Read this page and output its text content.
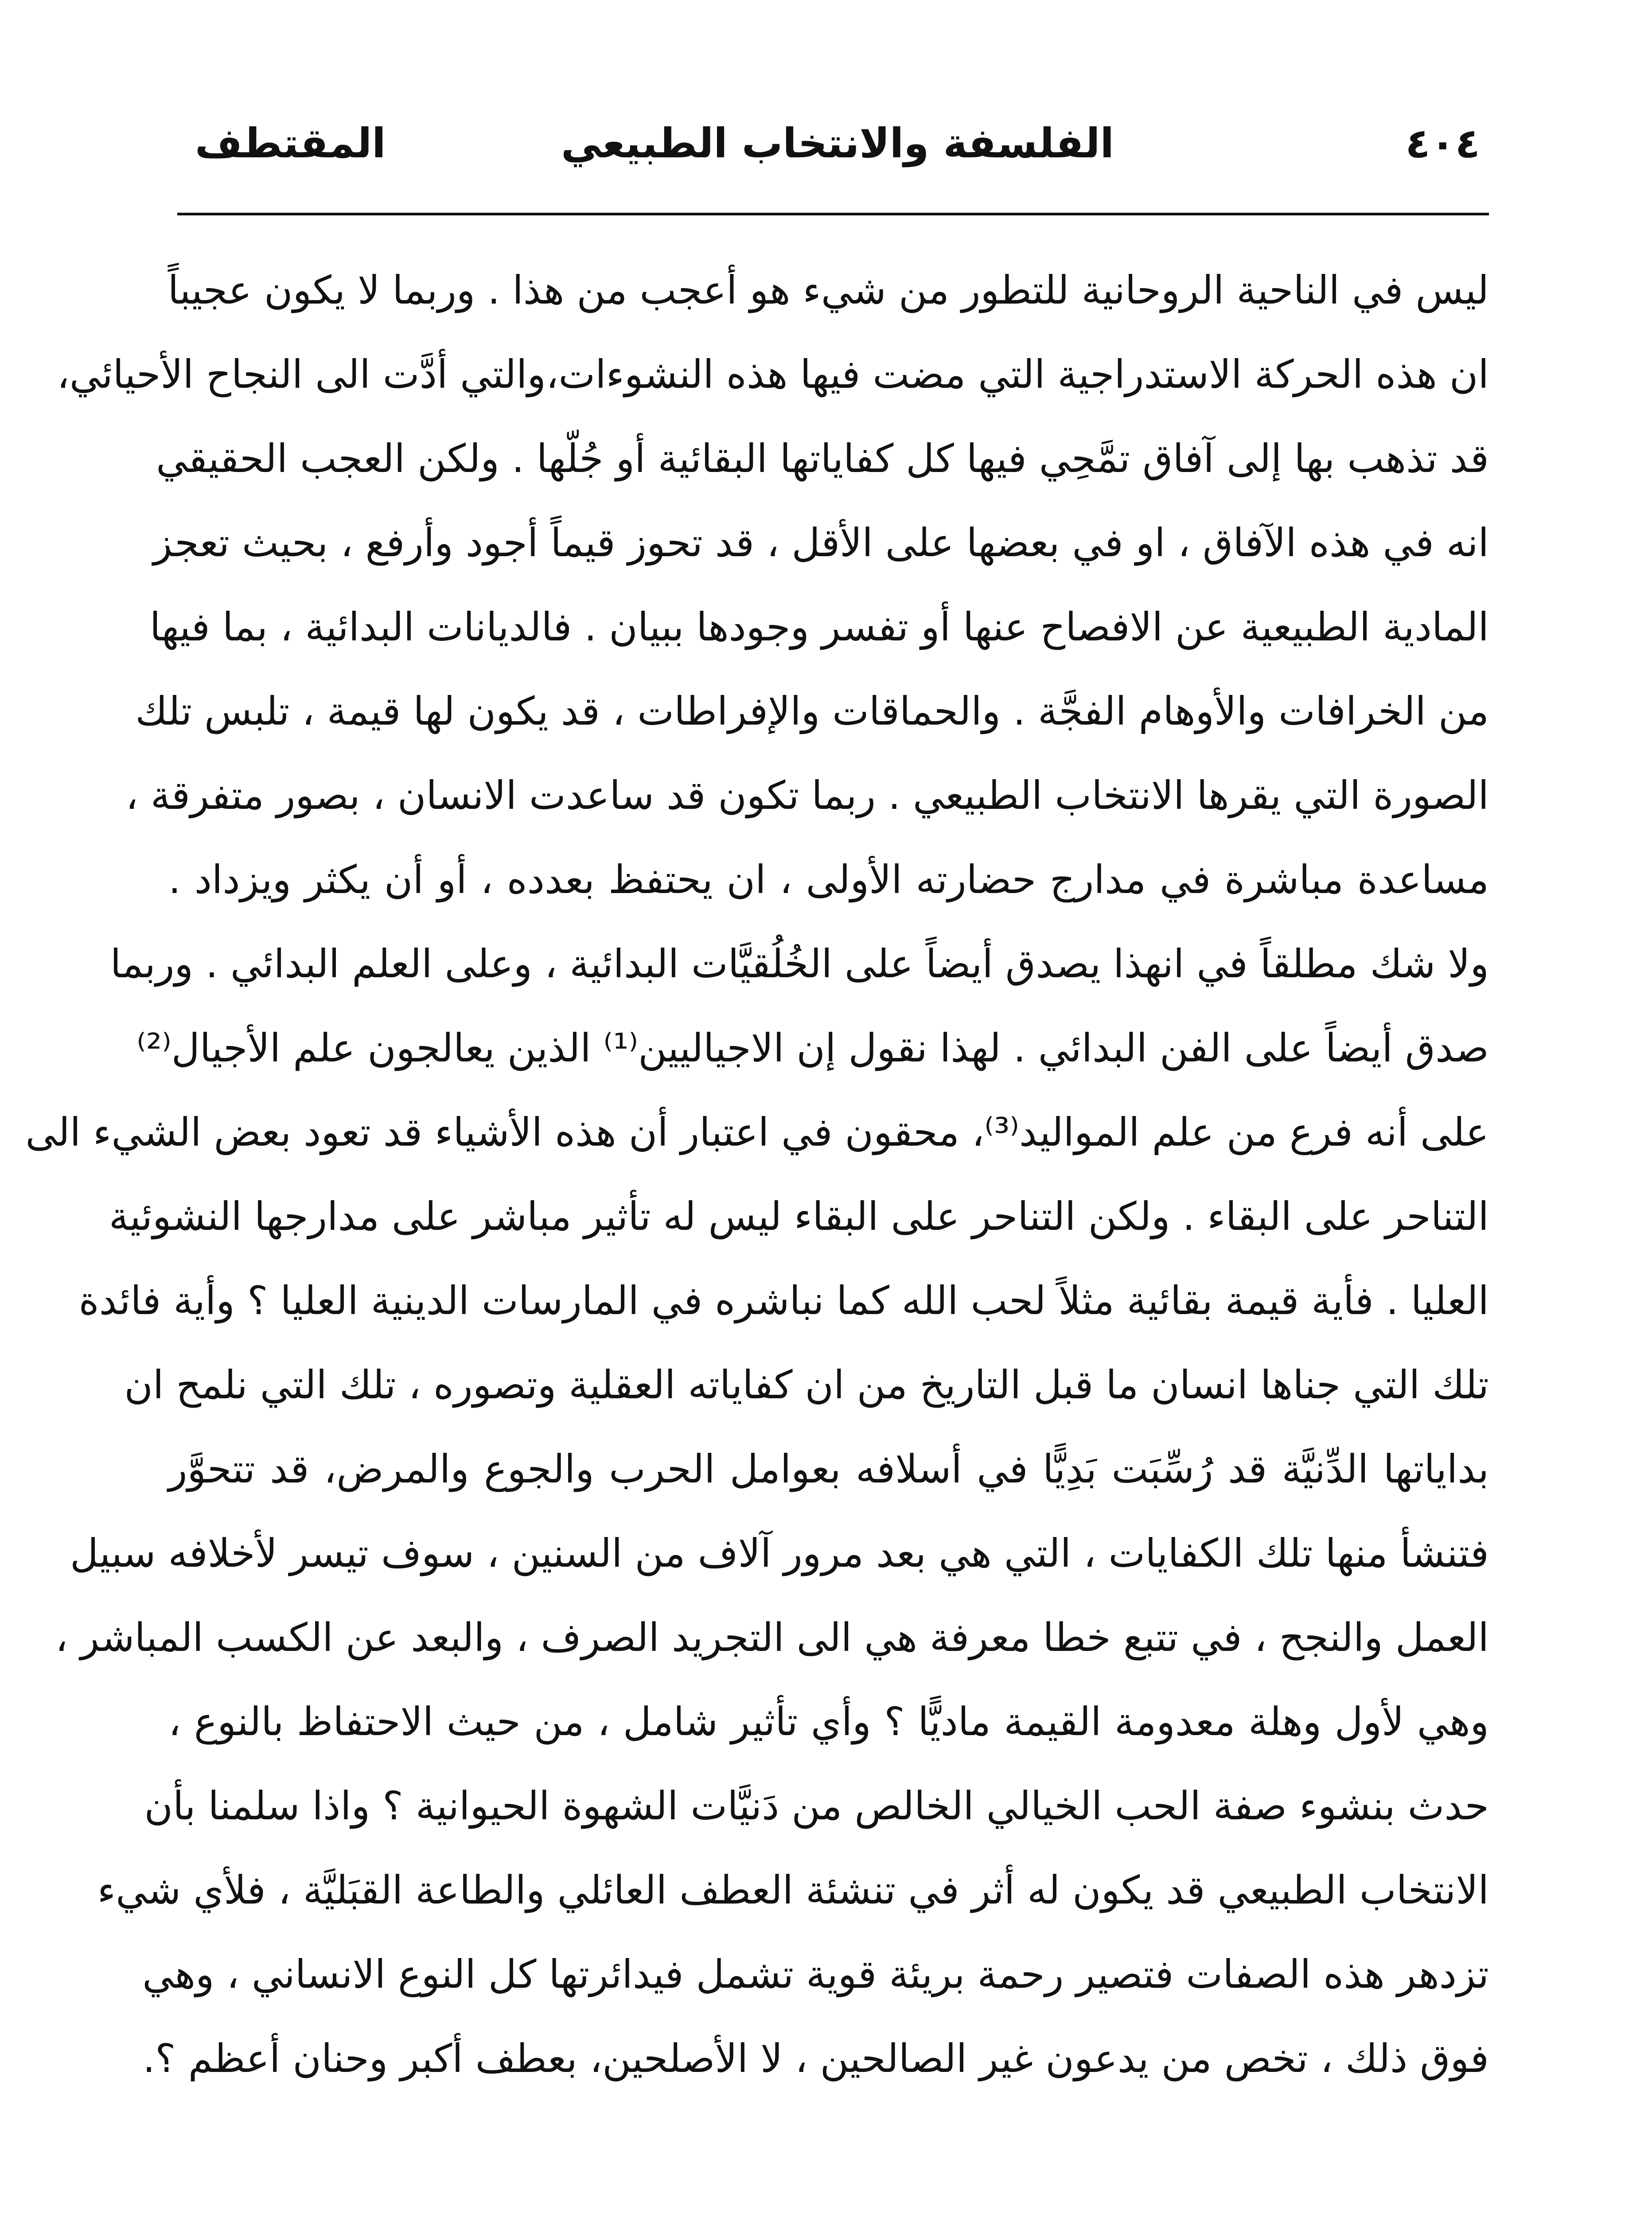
٤٠٤
الفلسفة والانتخاب الطبيعي
المقتطف
ليس في الناحية الروحانية للتطور من شيء هو أعجب من هذا . وربما لا يكون عجيباً
ان هذه الحركة الاستدراجية التي مضت فيها هذه النشوءات،والتي أدَّت الى النجاح الأحيائي،
قد تذهب بها إلى آفاق تمَّحِي فيها كل كفاياتها البقائية أو جُلّها . ولكن العجب الحقيقي
انه في هذه الآفاق ، او في بعضها على الأقل ، قد تحوز قيماً أجود وأرفع ، بحيث تعجز
المادية الطبيعية عن الافصاح عنها أو تفسر وجودها ببيان . فالديانات البدائية ، بما فيها
من الخرافات والأوهام الفجَّة . والحماقات والإفراطات ، قد يكون لها قيمة ، تلبس تلك
الصورة التي يقرها الانتخاب الطبيعي . ربما تكون قد ساعدت الانسان ، بصور متفرقة ،
مساعدة مباشرة في مدارج حضارته الأولى ، ان يحتفظ بعدده ، أو أن يكثر ويزداد .
ولا شك مطلقاً في انهذا يصدق أيضاً على الخُلُقيَّات البدائية ، وعلى العلم البدائي . وربما
صدق أيضاً على الفن البدائي . لهذا نقول إن الاجياليين⁽¹⁾ الذين يعالجون علم الأجيال⁽²⁾
على أنه فرع من علم المواليد⁽³⁾، محقون في اعتبار أن هذه الأشياء قد تعود بعض الشيء الى
التناحر على البقاء . ولكن التناحر على البقاء ليس له تأثير مباشر على مدارجها النشوئية
العليا . فأية قيمة بقائية مثلاً لحب الله كما نباشره في المارسات الدينية العليا ؟ وأية فائدة
تلك التي جناها انسان ما قبل التاريخ من ان كفاياته العقلية وتصوره ، تلك التي نلمح ان
بداياتها الدِّنيَّة قد رُسِّبَت بَدِيًّا في أسلافه بعوامل الحرب والجوع والمرض، قد تتحوَّر
فتنشأ منها تلك الكفايات ، التي هي بعد مرور آلاف من السنين ، سوف تيسر لأخلافه سبيل
العمل والنجح ، في تتبع خطا معرفة هي الى التجريد الصرف ، والبعد عن الكسب المباشر ،
وهي لأول وهلة معدومة القيمة ماديًّا ؟ وأي تأثير شامل ، من حيث الاحتفاظ بالنوع ،
حدث بنشوء صفة الحب الخيالي الخالص من دَنيَّات الشهوة الحيوانية ؟ واذا سلمنا بأن
الانتخاب الطبيعي قد يكون له أثر في تنشئة العطف العائلي والطاعة القبَليَّة ، فلأي شيء
تزدهر هذه الصفات فتصير رحمة بريئة قوية تشمل فيدائرتها كل النوع الانساني ، وهي
فوق ذلك ، تخص من يدعون غير الصالحين ، لا الأصلحين، بعطف أكبر وحنان أعظم ؟.
